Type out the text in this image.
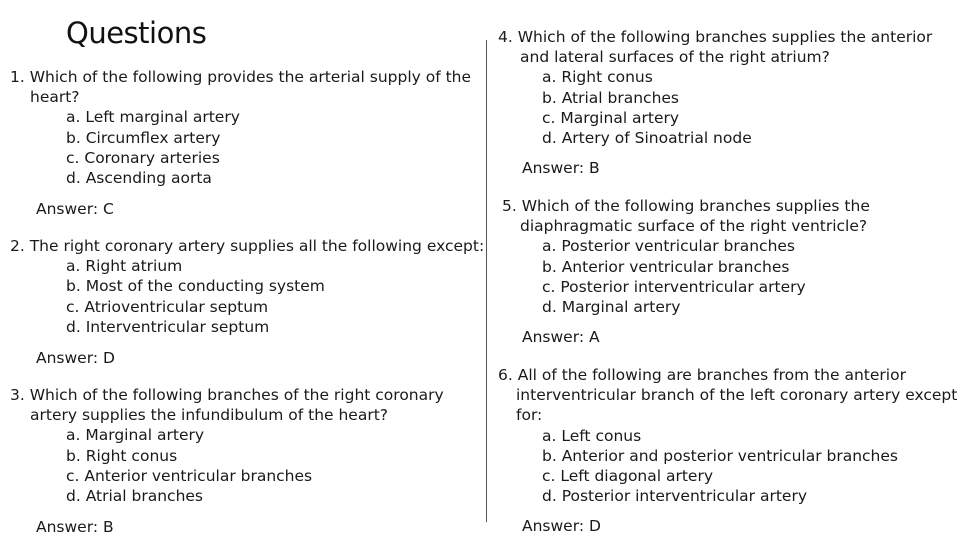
Questions
1. Which of the following provides the arterial supply of the
heart?
a. Left marginal artery
b. Circumflex artery
c. Coronary arteries
d. Ascending aorta
Answer: C
2. The right coronary artery supplies all the following except:
a. Right atrium
b. Most of the conducting system
c. Atrioventricular septum
d. Interventricular septum
Answer: D
3. Which of the following branches of the right coronary
artery supplies the infundibulum of the heart?
a. Marginal artery
b. Right conus
c. Anterior ventricular branches
d. Atrial branches
Answer: B
4. Which of the following branches supplies the anterior
and lateral surfaces of the right atrium?
a. Right conus
b. Atrial branches
c. Marginal artery
d. Artery of Sinoatrial node
Answer: B
5. Which of the following branches supplies the
diaphragmatic surface of the right ventricle?
a. Posterior ventricular branches
b. Anterior ventricular branches
c. Posterior interventricular artery
d. Marginal artery
Answer: A
6. All of the following are branches from the anterior
interventricular branch of the left coronary artery except
for:
a. Left conus
b. Anterior and posterior ventricular branches
c. Left diagonal artery
d. Posterior interventricular artery
Answer: D
